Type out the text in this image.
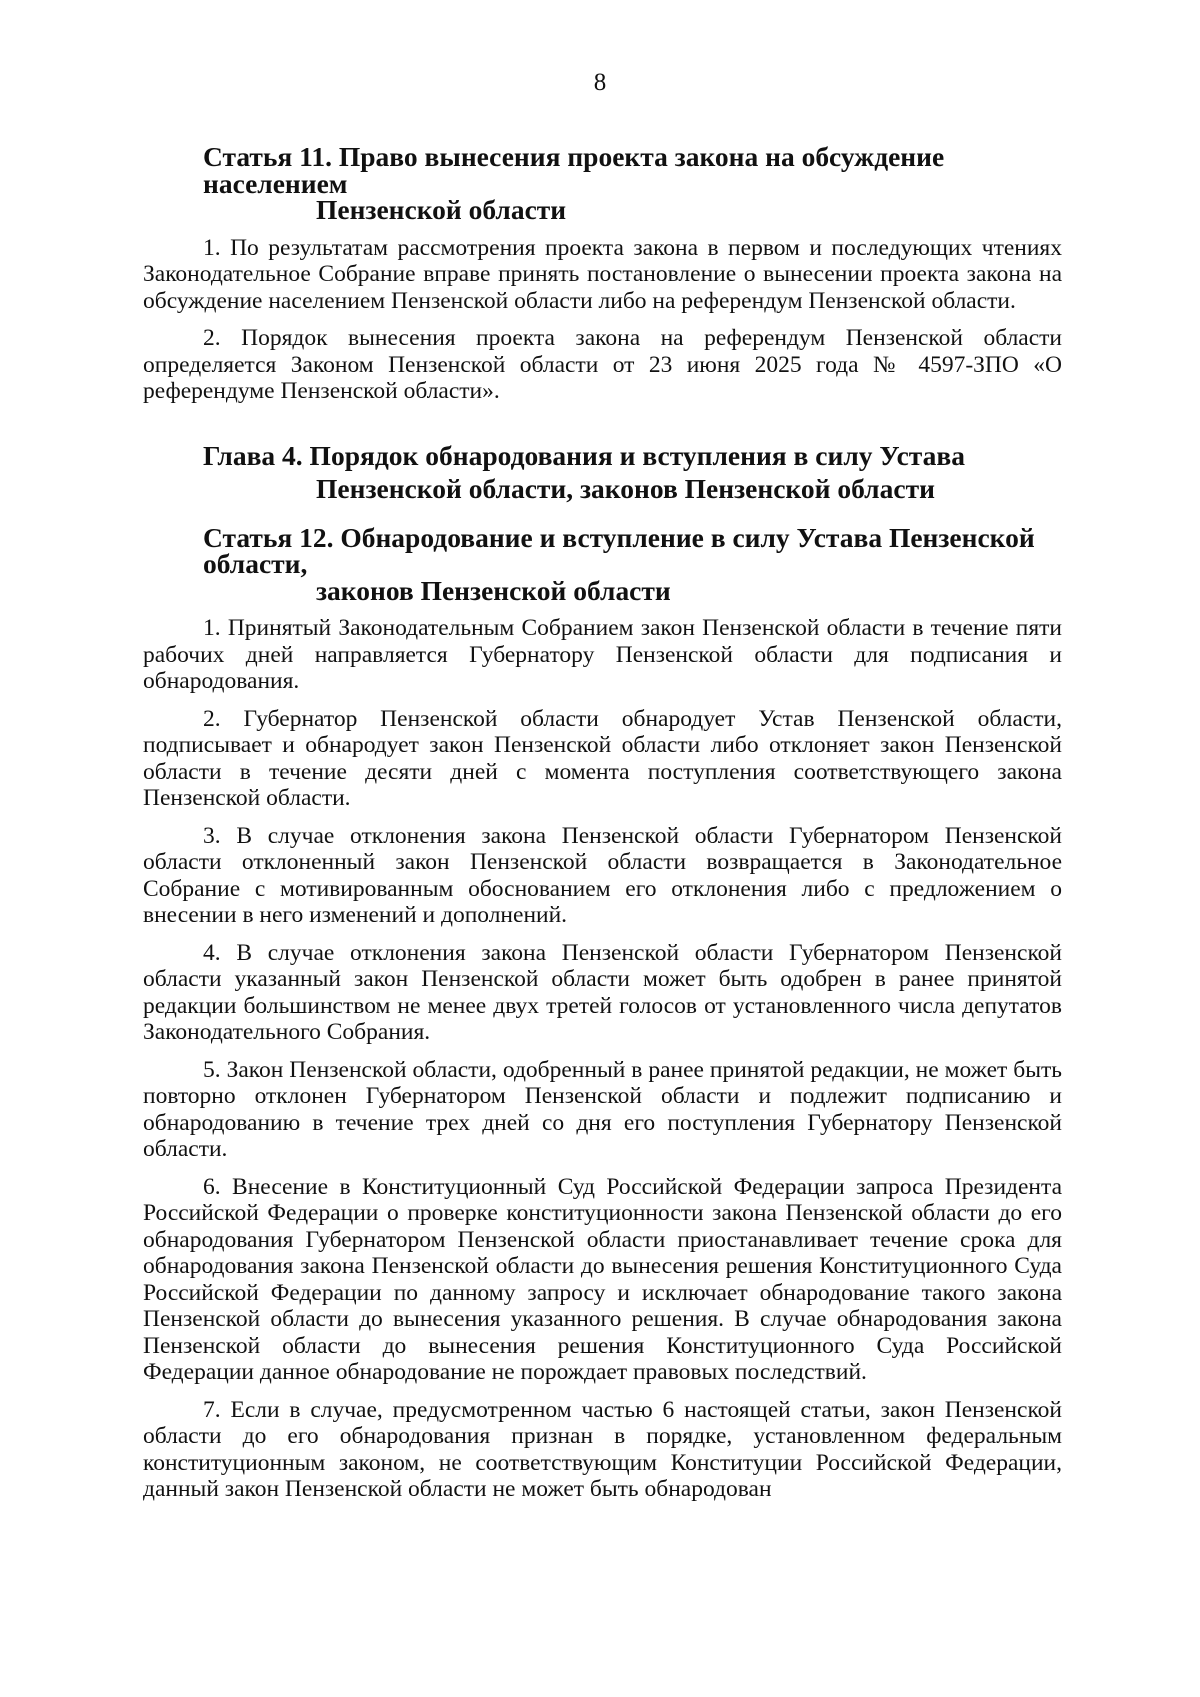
8
Статья 11. Право вынесения проекта закона на обсуждение населением
Пензенской области

1. По результатам рассмотрения проекта закона в первом и последующих чтениях Законодательное Собрание вправе принять постановление о вынесении проекта закона на обсуждение населением Пензенской области либо на референдум Пензенской области.

2. Порядок вынесения проекта закона на референдум Пензенской области определяется Законом Пензенской области от 23 июня 2025 года № 4597-ЗПО «О референдуме Пензенской области».

Глава 4. Порядок обнародования и вступления в силу Устава
Пензенской области, законов Пензенской области
Статья 12. Обнародование и вступление в силу Устава Пензенской области,
законов Пензенской области

1. Принятый Законодательным Собранием закон Пензенской области в течение пяти рабочих дней направляется Губернатору Пензенской области для подписания и обнародования.

2. Губернатор Пензенской области обнародует Устав Пензенской области, подписывает и обнародует закон Пензенской области либо отклоняет закон Пензенской области в течение десяти дней с момента поступления соответствующего закона Пензенской области.

3. В случае отклонения закона Пензенской области Губернатором Пензенской области отклоненный закон Пензенской области возвращается в Законодательное Собрание с мотивированным обоснованием его отклонения либо с предложением о внесении в него изменений и дополнений.

4. В случае отклонения закона Пензенской области Губернатором Пензенской области указанный закон Пензенской области может быть одобрен в ранее принятой редакции большинством не менее двух третей голосов от установленного числа депутатов Законодательного Собрания.

5. Закон Пензенской области, одобренный в ранее принятой редакции, не может быть повторно отклонен Губернатором Пензенской области и подлежит подписанию и обнародованию в течение трех дней со дня его поступления Губернатору Пензенской области.

6. Внесение в Конституционный Суд Российской Федерации запроса Президента Российской Федерации о проверке конституционности закона Пензенской области до его обнародования Губернатором Пензенской области приостанавливает течение срока для обнародования закона Пензенской области до вынесения решения Конституционного Суда Российской Федерации по данному запросу и исключает обнародование такого закона Пензенской области до вынесения указанного решения. В случае обнародования закона Пензенской области до вынесения решения Конституционного Суда Российской Федерации данное обнародование не порождает правовых последствий.

7. Если в случае, предусмотренном частью 6 настоящей статьи, закон Пензенской области до его обнародования признан в порядке, установленном федеральным конституционным законом, не соответствующим Конституции Российской Федерации, данный закон Пензенской области не может быть обнародован
